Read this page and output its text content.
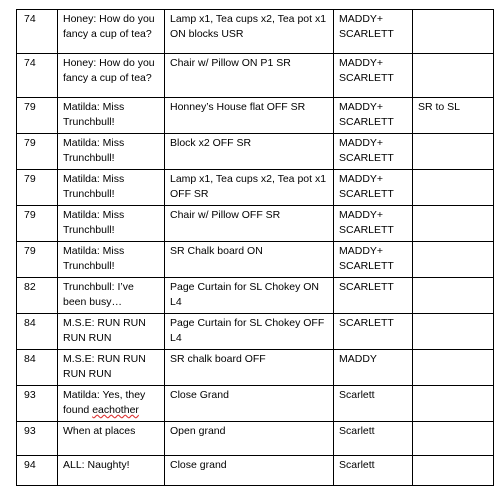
74	Honey: How do you fancy a cup of tea?	Lamp x1, Tea cups x2, Tea pot x1 ON blocks USR	MADDY+ SCARLETT	
74	Honey: How do you fancy a cup of tea?	Chair w/ Pillow ON P1 SR	MADDY+ SCARLETT	
79	Matilda: Miss Trunchbull!	Honney’s House flat OFF SR	MADDY+ SCARLETT	SR to SL
79	Matilda: Miss Trunchbull!	Block x2 OFF SR	MADDY+ SCARLETT	
79	Matilda: Miss Trunchbull!	Lamp x1, Tea cups x2, Tea pot x1 OFF SR	MADDY+ SCARLETT	
79	Matilda: Miss Trunchbull!	Chair w/ Pillow OFF SR	MADDY+ SCARLETT	
79	Matilda: Miss Trunchbull!	SR Chalk board ON	MADDY+ SCARLETT	
82	Trunchbull: I’ve been busy…	Page Curtain for SL Chokey ON L4	SCARLETT	
84	M.S.E: RUN RUN RUN RUN	Page Curtain for SL Chokey OFF L4	SCARLETT	
84	M.S.E: RUN RUN RUN RUN	SR chalk board OFF	MADDY	
93	Matilda: Yes, they found eachother	Close Grand	Scarlett	
93	When at places	Open grand	Scarlett	
94	ALL: Naughty!	Close grand	Scarlett	
